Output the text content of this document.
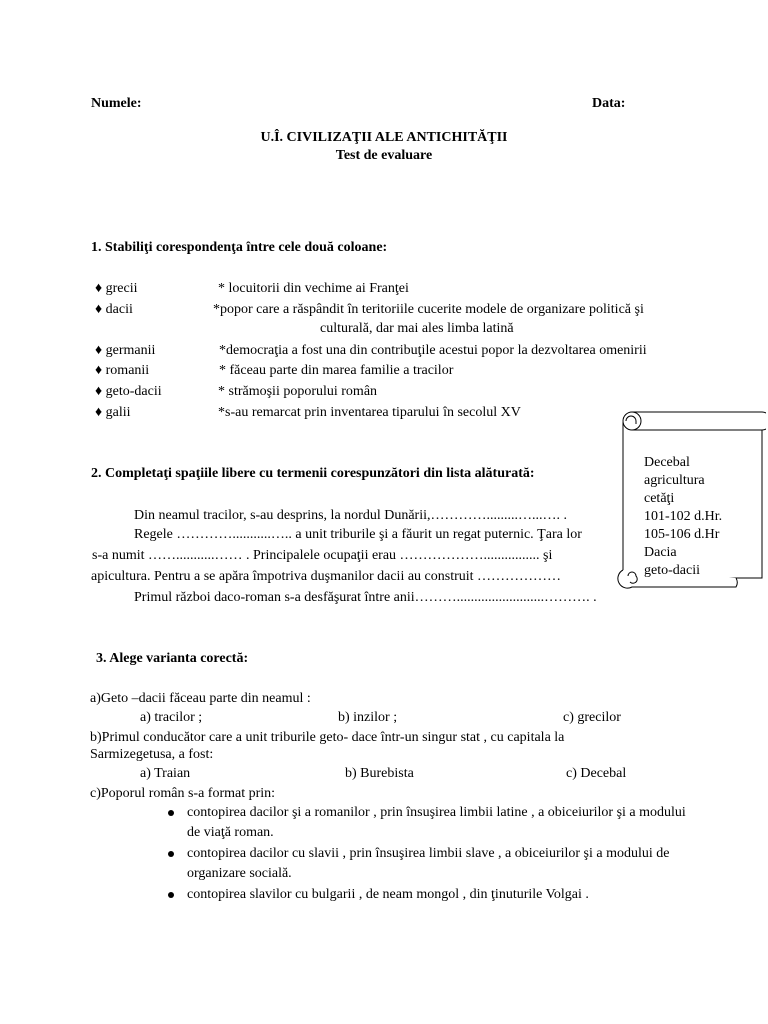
Numele:	Data:
U.Î. CIVILIZAŢII ALE ANTICHITĂŢII
Test de evaluare
1. Stabiliţi corespondenţa între cele două coloane:
♦ grecii	* locuitorii din vechime ai Franţei
♦ dacii	*popor care a răspândit în teritoriile cucerite modele de organizare politică şi
culturală, dar mai ales limba latină
♦ germanii	*democraţia a fost una din contribuţile acestui popor la dezvoltarea omenirii
♦ romanii	* făceau parte din marea familie a tracilor
♦ geto-dacii	* strămoşii poporului român
♦ galii	*s-au remarcat prin inventarea tiparului în secolul XV
2. Completaţi spaţiile libere cu termenii corespunzători din lista alăturată:
Din neamul tracilor, s-au desprins, la nordul Dunării,………….........…...…. .
Regele …………...........….. a unit triburile şi a făurit un regat puternic. Ţara lor
s-a numit ……...........…… . Principalele ocupaţii erau ………………................ şi
apicultura. Pentru a se apăra împotriva duşmanilor dacii au construit ………………
Primul război daco-roman s-a desfăşurat între anii……….........................………. .
Decebal
agricultura
cetăţi
101-102 d.Hr.
105-106 d.Hr
Dacia
geto-dacii
3. Alege varianta corectă:
a)Geto –dacii făceau parte din neamul :
a) tracilor ;	b) inzilor ;	c) grecilor
b)Primul conducător care a unit triburile geto- dace într-un singur stat , cu capitala la
Sarmizegetusa, a fost:
a) Traian	b) Burebista	c) Decebal
c)Poporul român s-a format prin:
contopirea dacilor şi a romanilor , prin însuşirea limbii latine , a obiceiurilor şi a modului de viaţă roman.
contopirea dacilor cu slavii , prin însuşirea limbii slave , a obiceiurilor şi a modului de organizare socială.
contopirea slavilor cu bulgarii , de neam mongol , din ţinuturile Volgai .
